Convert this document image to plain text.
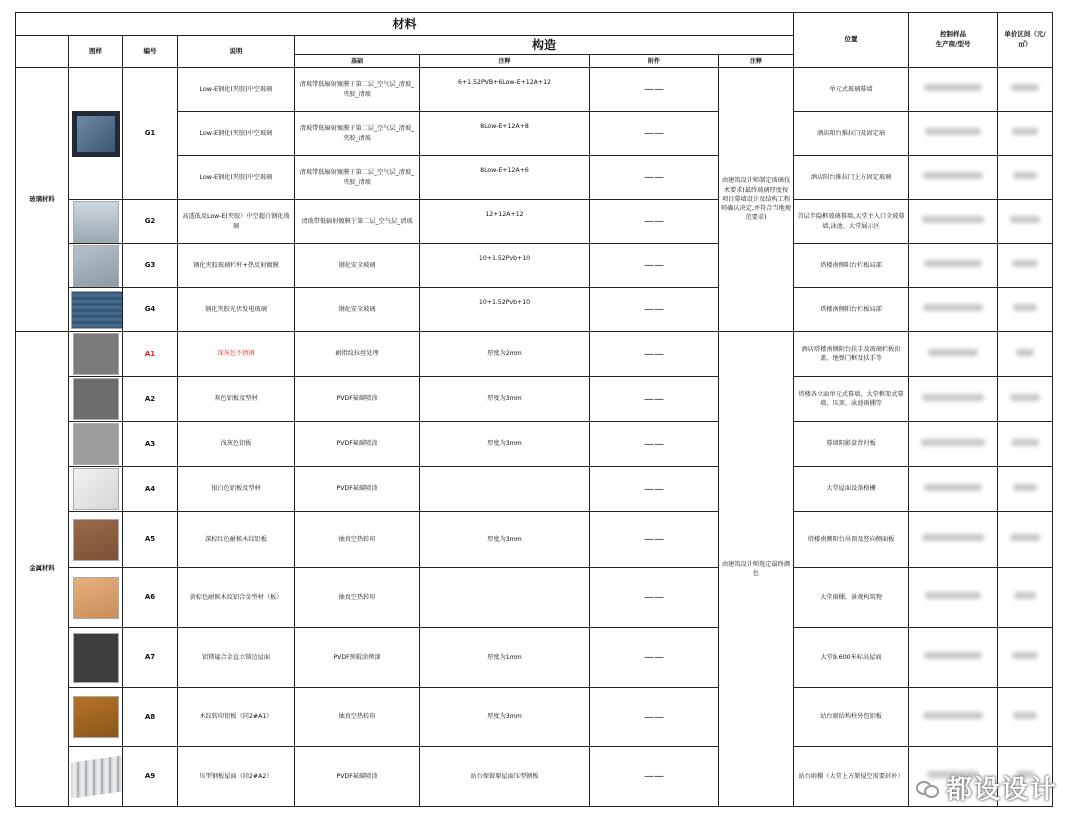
材料								位置	控制样品
生产商/型号	单价区间（元/㎡）
	图样	编号	说明	构造						
				基础	注释	附件	注释			
玻璃材料		G1	Low-E钢化(夹胶)中空玻璃	清玻带低辐射镀膜于第二层_空气层_清玻_夹胶_清玻	6+1.52PVB+6Low-E+12A+12	——	由建筑设计师制定玻璃技术要求(最终玻璃厚度按项目幕墙设计及结构工程师确认决定,并符合当地规范要求)	单元式玻璃幕墙		
			Low-E钢化(夹胶)中空玻璃	清玻带低辐射镀膜于第二层_空气层_清玻_夹胶_清玻	8Low-E+12A+8	——		酒店阳台推拉门及固定扇		
			Low-E钢化(夹胶)中空玻璃	清玻带低辐射镀膜于第二层_空气层_清玻_夹胶_清玻	8Low-E+12A+6	——		酒店阳台推拉门上方固定玻璃		

		G2	高透低反Low-E(夹胶）中空超白钢化玻璃	清玻带低辐射镀膜于第二层_空气层_清玻	12+12A+12	——		首层半隐框玻璃幕墙,大堂主入口全玻幕墙,泳池、大堂展示区		

		G3	钢化夹胶玻璃栏杆+热反射镀膜	钢化安全玻璃	10+1.52Pvb+10	——		塔楼南侧阳台栏板局部		

		G4	钢化夹胶光伏发电玻璃	钢化安全玻璃	10+1.52Pvb+10	——		塔楼南侧阳台栏板局部		
金属材料		A1	深灰色不锈钢	耐指纹拉丝处理	厚度为2mm	——	由建筑设计师选定最终颜色	酒店塔楼南侧阳台扶手及玻璃栏板扣盖、地弹门框及扶手等		

		A2	灰色铝板及型材	PVDF氟碳喷涂	厚度为3mm	——		塔楼各立面单元式幕墙，大堂框架式幕墙、压顶、泳池雨棚等		

		A3	浅灰色铝板	PVDF氟碳喷涂	厚度为3mm	——		幕墙阴影盒背衬板		

		A4	银白色铝板及型材	PVDF氟碳喷涂		——		大堂屋面设备格栅		

		A5	深棕红色耐候木纹铝板	抽真空热转印	厚度为3mm	——		塔楼南侧阳台吊顶及竖向侧面板		

		A6	黄棕色耐候木纹铝合金型材（板）	抽真空热转印		——		大堂雨棚、景观构筑物		

		A7	铝镁锰合金直立锁边屋面	PVDF预辊涂烤漆	厚度为1mm	——		大堂9.600米标高屋面		

		A8	木纹转印铝板（同2#A1）	抽真空热转印	厚度为3mm	——		站台原结构柱外包铝板		

		A9	压型钢板屋面（同2#A2）	PVDF氟碳喷涂	站台保留原屋面压型钢板	——		站台雨棚（大堂上方原侵空需要封补）		都设设计
